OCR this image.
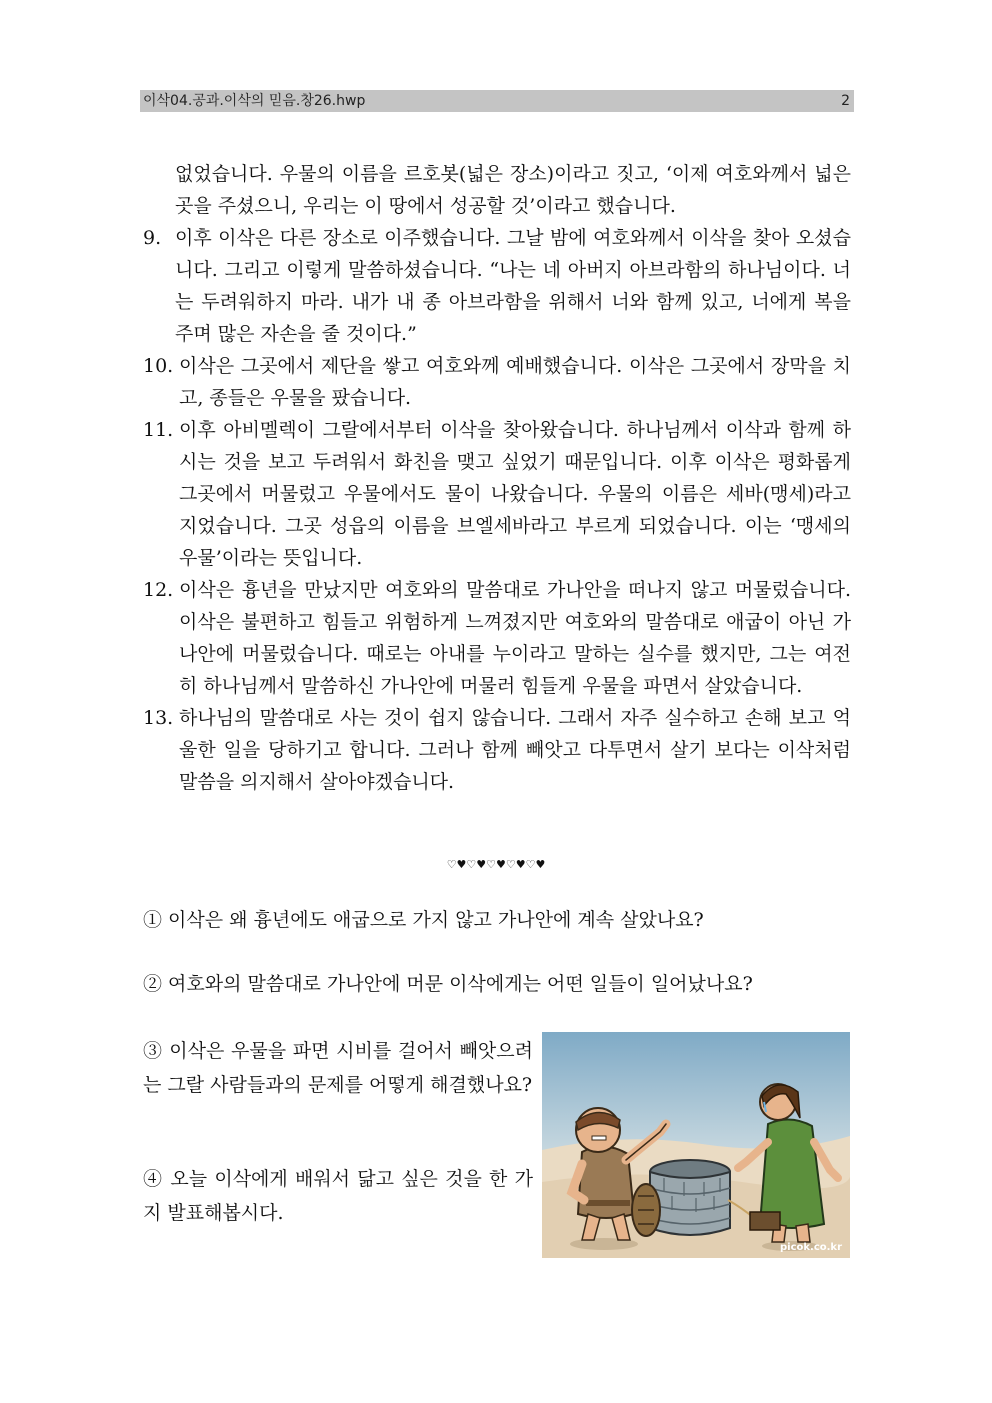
이삭04.공과.이삭의 믿음.창26.hwp	2
없었습니다. 우물의 이름을 르호봇(넓은 장소)이라고 짓고, ‘이제 여호와께서 넓은 곳을 주셨으니, 우리는 이 땅에서 성공할 것’이라고 했습니다.
9. 이후 이삭은 다른 장소로 이주했습니다. 그날 밤에 여호와께서 이삭을 찾아 오셨습니다. 그리고 이렇게 말씀하셨습니다. “나는 네 아버지 아브라함의 하나님이다. 너는 두려워하지 마라. 내가 내 종 아브라함을 위해서 너와 함께 있고, 너에게 복을 주며 많은 자손을 줄 것이다.”
10. 이삭은 그곳에서 제단을 쌓고 여호와께 예배했습니다. 이삭은 그곳에서 장막을 치고, 종들은 우물을 팠습니다.
11. 이후 아비멜렉이 그랄에서부터 이삭을 찾아왔습니다. 하나님께서 이삭과 함께 하시는 것을 보고 두려워서 화친을 맺고 싶었기 때문입니다. 이후 이삭은 평화롭게 그곳에서 머물렀고 우물에서도 물이 나왔습니다. 우물의 이름은 세바(맹세)라고 지었습니다. 그곳 성읍의 이름을 브엘세바라고 부르게 되었습니다. 이는 ‘맹세의 우물’이라는 뜻입니다.
12. 이삭은 흉년을 만났지만 여호와의 말씀대로 가나안을 떠나지 않고 머물렀습니다. 이삭은 불편하고 힘들고 위험하게 느껴졌지만 여호와의 말씀대로 애굽이 아닌 가나안에 머물렀습니다. 때로는 아내를 누이라고 말하는 실수를 했지만, 그는 여전히 하나님께서 말씀하신 가나안에 머물러 힘들게 우물을 파면서 살았습니다.
13. 하나님의 말씀대로 사는 것이 쉽지 않습니다. 그래서 자주 실수하고 손해 보고 억울한 일을 당하기고 합니다. 그러나 함께 빼앗고 다투면서 살기 보다는 이삭처럼 말씀을 의지해서 살아야겠습니다.
♡♥♡♥♡♥♡♥♡♥
① 이삭은 왜 흉년에도 애굽으로 가지 않고 가나안에 계속 살았나요?
② 여호와의 말씀대로 가나안에 머문 이삭에게는 어떤 일들이 일어났나요?
③ 이삭은 우물을 파면 시비를 걸어서 빼앗으려는 그랄 사람들과의 문제를 어떻게 해결했나요?
④ 오늘 이삭에게 배워서 닮고 싶은 것을 한 가지 발표해봅시다.
picok.co.kr
